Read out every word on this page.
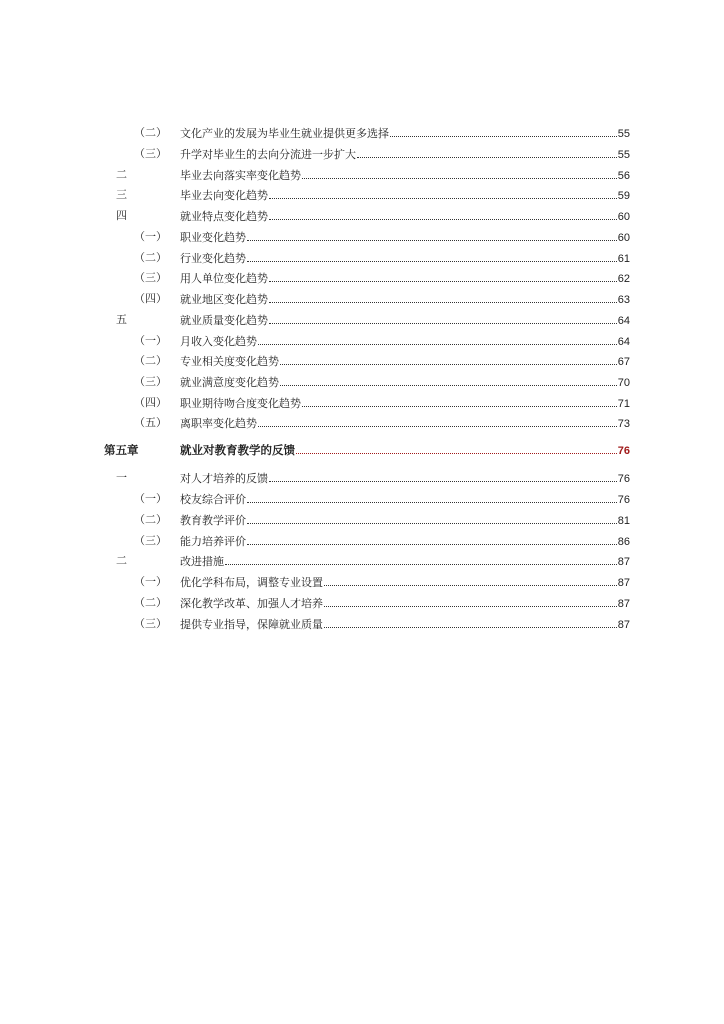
（二） 文化产业的发展为毕业生就业提供更多选择	55
（三） 升学对毕业生的去向分流进一步扩大	55
二	毕业去向落实率变化趋势	56
三	毕业去向变化趋势	59
四	就业特点变化趋势	60
（一） 职业变化趋势	60
（二） 行业变化趋势	61
（三） 用人单位变化趋势	62
（四） 就业地区变化趋势	63
五	就业质量变化趋势	64
（一） 月收入变化趋势	64
（二） 专业相关度变化趋势	67
（三） 就业满意度变化趋势	70
（四） 职业期待吻合度变化趋势	71
（五） 离职率变化趋势	73
第五章	就业对教育教学的反馈	76
一	对人才培养的反馈	76
（一） 校友综合评价	76
（二） 教育教学评价	81
（三） 能力培养评价	86
二	改进措施	87
（一） 优化学科布局，调整专业设置	87
（二） 深化教学改革、加强人才培养	87
（三） 提供专业指导，保障就业质量	87
